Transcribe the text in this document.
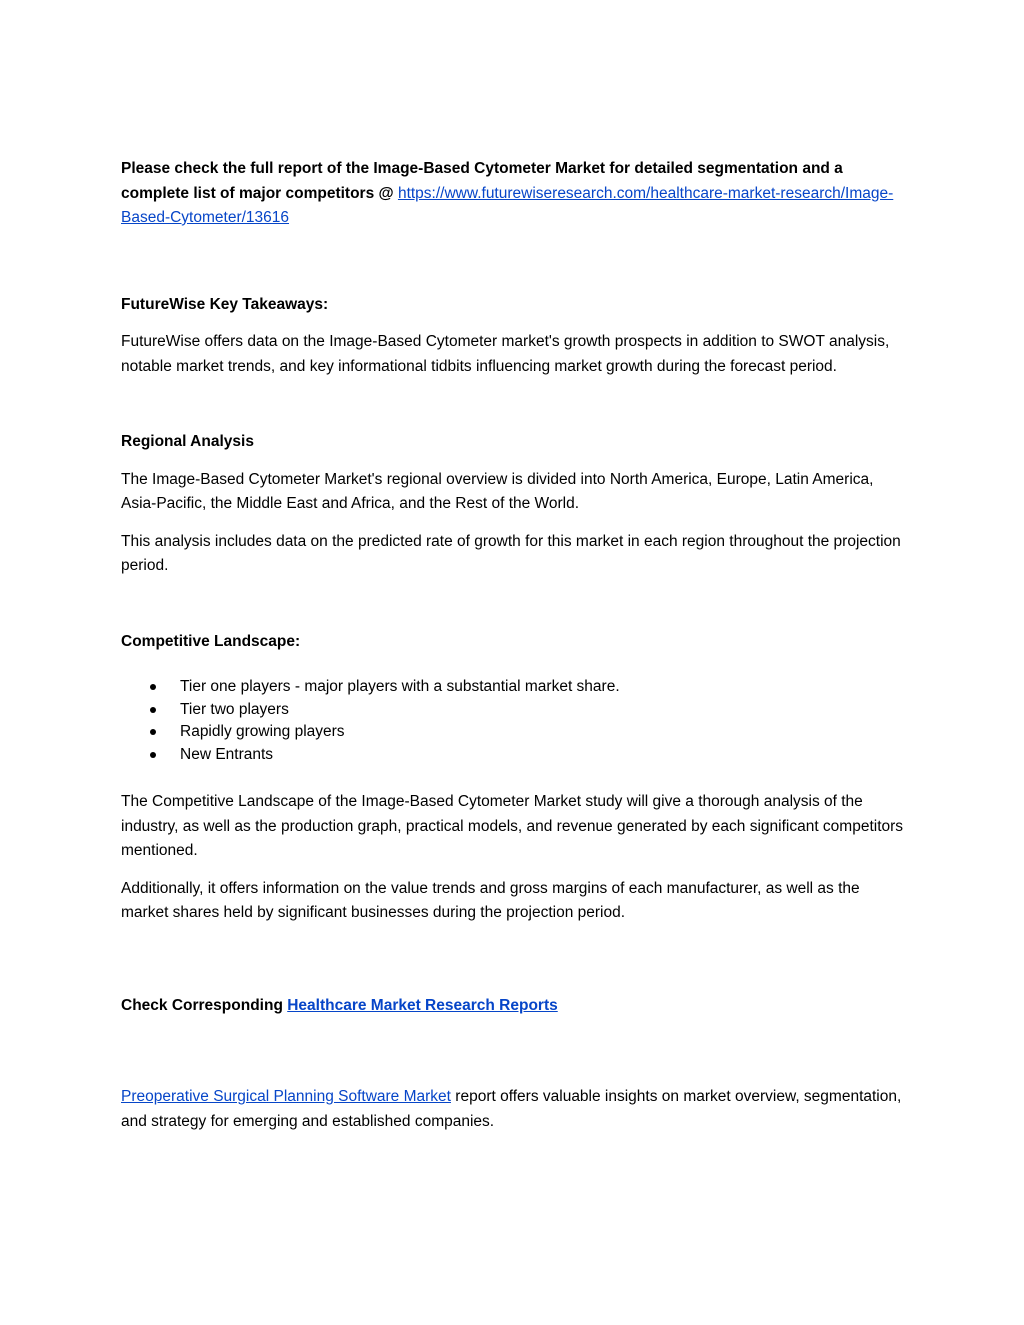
Please check the full report of the Image-Based Cytometer Market for detailed segmentation and a complete list of major competitors @ https://www.futurewiseresearch.com/healthcare-market-research/Image-Based-Cytometer/13616

FutureWise Key Takeaways:

FutureWise offers data on the Image-Based Cytometer market's growth prospects in addition to SWOT analysis, notable market trends, and key informational tidbits influencing market growth during the forecast period.

Regional Analysis

The Image-Based Cytometer Market's regional overview is divided into North America, Europe, Latin America, Asia-Pacific, the Middle East and Africa, and the Rest of the World.

This analysis includes data on the predicted rate of growth for this market in each region throughout the projection period.

Competitive Landscape:

Tier one players - major players with a substantial market share.
Tier two players
Rapidly growing players
New Entrants

The Competitive Landscape of the Image-Based Cytometer Market study will give a thorough analysis of the industry, as well as the production graph, practical models, and revenue generated by each significant competitors mentioned.

Additionally, it offers information on the value trends and gross margins of each manufacturer, as well as the market shares held by significant businesses during the projection period.

Check Corresponding Healthcare Market Research Reports

Preoperative Surgical Planning Software Market report offers valuable insights on market overview, segmentation, and strategy for emerging and established companies.
